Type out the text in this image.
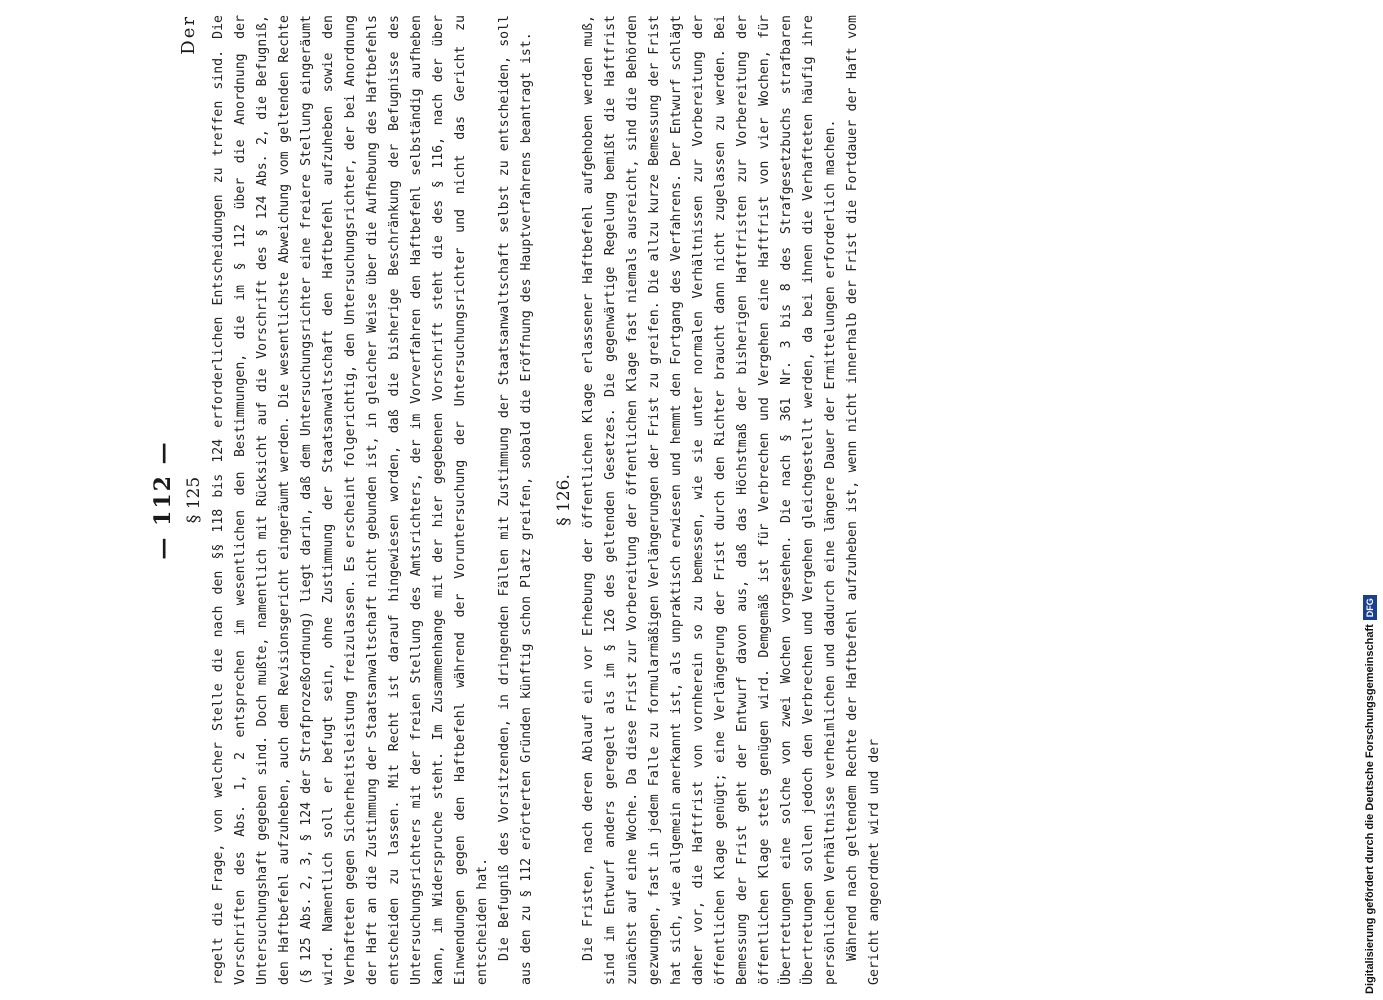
— 112 —
Der
§ 125 regelt die Frage, von welcher Stelle die nach den §§ 118 bis 124 erforderlichen Entscheidungen zu treffen sind. Die Vorschriften des Abs. 1, 2 entsprechen im wesentlichen den Bestimmungen, die im § 112 über die Anordnung der Untersuchungshaft gegeben sind. Doch mußte, namentlich mit Rücksicht auf die Vorschrift des § 124 Abs. 2, die Befugniß, den Haftbefehl aufzuheben, auch dem Revisionsgericht eingeräumt werden. Die wesentlichste Abweichung vom geltenden Rechte (§ 125 Abs. 2, 3, § 124 der Strafprozeßordnung) liegt darin, daß dem Untersuchungsrichter eine freiere Stellung eingeräumt wird. Namentlich soll er befugt sein, ohne Zustimmung der Staatsanwaltschaft den Haftbefehl aufzuheben sowie den Verhafteten gegen Sicherheitsleistung freizulassen. Es erscheint folgerichtig, den Untersuchungsrichter, der bei Anordnung der Haft an die Zustimmung der Staatsanwaltschaft nicht gebunden ist, in gleicher Weise über die Aufhebung des Haftbefehls entscheiden zu lassen. Mit Recht ist darauf hingewiesen worden, daß die bisherige Beschränkung der Befugnisse des Untersuchungsrichters mit der freien Stellung des Amtsrichters, der im Vorverfahren den Haftbefehl selbständig aufheben kann, im Widerspruche steht. Im Zusammenhange mit der hier gegebenen Vorschrift steht die des § 116, nach der über Einwendungen gegen den Haftbefehl während der Voruntersuchung der Untersuchungsrichter und nicht das Gericht zu entscheiden hat. Die Befugniß des Vorsitzenden, in dringenden Fällen mit Zustimmung der Staatsanwaltschaft selbst zu entscheiden, soll aus den zu § 112 erörterten Gründen künftig schon Platz greifen, sobald die Eröffnung des Hauptverfahrens beantragt ist. § 126. Die Fristen, nach deren Ablauf ein vor Erhebung der öffentlichen Klage erlassener Haftbefehl aufgehoben werden muß, sind im Entwurf anders geregelt als im § 126 des geltenden Gesetzes. Die gegenwärtige Regelung bemißt die Haftfrist zunächst auf eine Woche. Da diese Frist zur Vorbereitung der öffentlichen Klage fast niemals ausreicht, sind die Behörden gezwungen, fast in jedem Falle zu formularmäßigen Verlängerungen der Frist zu greifen. Die allzu kurze Bemessung der Frist hat sich, wie allgemein anerkannt ist, als unpraktisch erwiesen und hemmt den Fortgang des Verfahrens. Der Entwurf schlägt daher vor, die Haftfrist von vornherein so zu bemessen, wie sie unter normalen Verhältnissen zur Vorbereitung der öffentlichen Klage genügt; eine Verlängerung der Frist durch den Richter braucht dann nicht zugelassen zu werden. Bei Bemessung der Frist geht der Entwurf davon aus, daß das Höchstmaß der bisherigen Haftfristen zur Vorbereitung der öffentlichen Klage stets genügen wird. Demgemäß ist für Verbrechen und Vergehen eine Haftfrist von vier Wochen, für Übertretungen eine solche von zwei Wochen vorgesehen. Die nach § 361 Nr. 3 bis 8 des Strafgesetzbuchs strafbaren Übertretungen sollen jedoch den Verbrechen und Vergehen gleichgestellt werden, da bei ihnen die Verhafteten häufig ihre persönlichen Verhältnisse verheimlichen und dadurch eine längere Dauer der Ermittelungen erforderlich machen. Während nach geltendem Rechte der Haftbefehl aufzuheben ist, wenn nicht innerhalb der Frist die Fortdauer der Haft vom Gericht angeordnet wird und der	Digitalisierung gefördert durch die Deutsche Forschungsgemeinschaft
DFG
